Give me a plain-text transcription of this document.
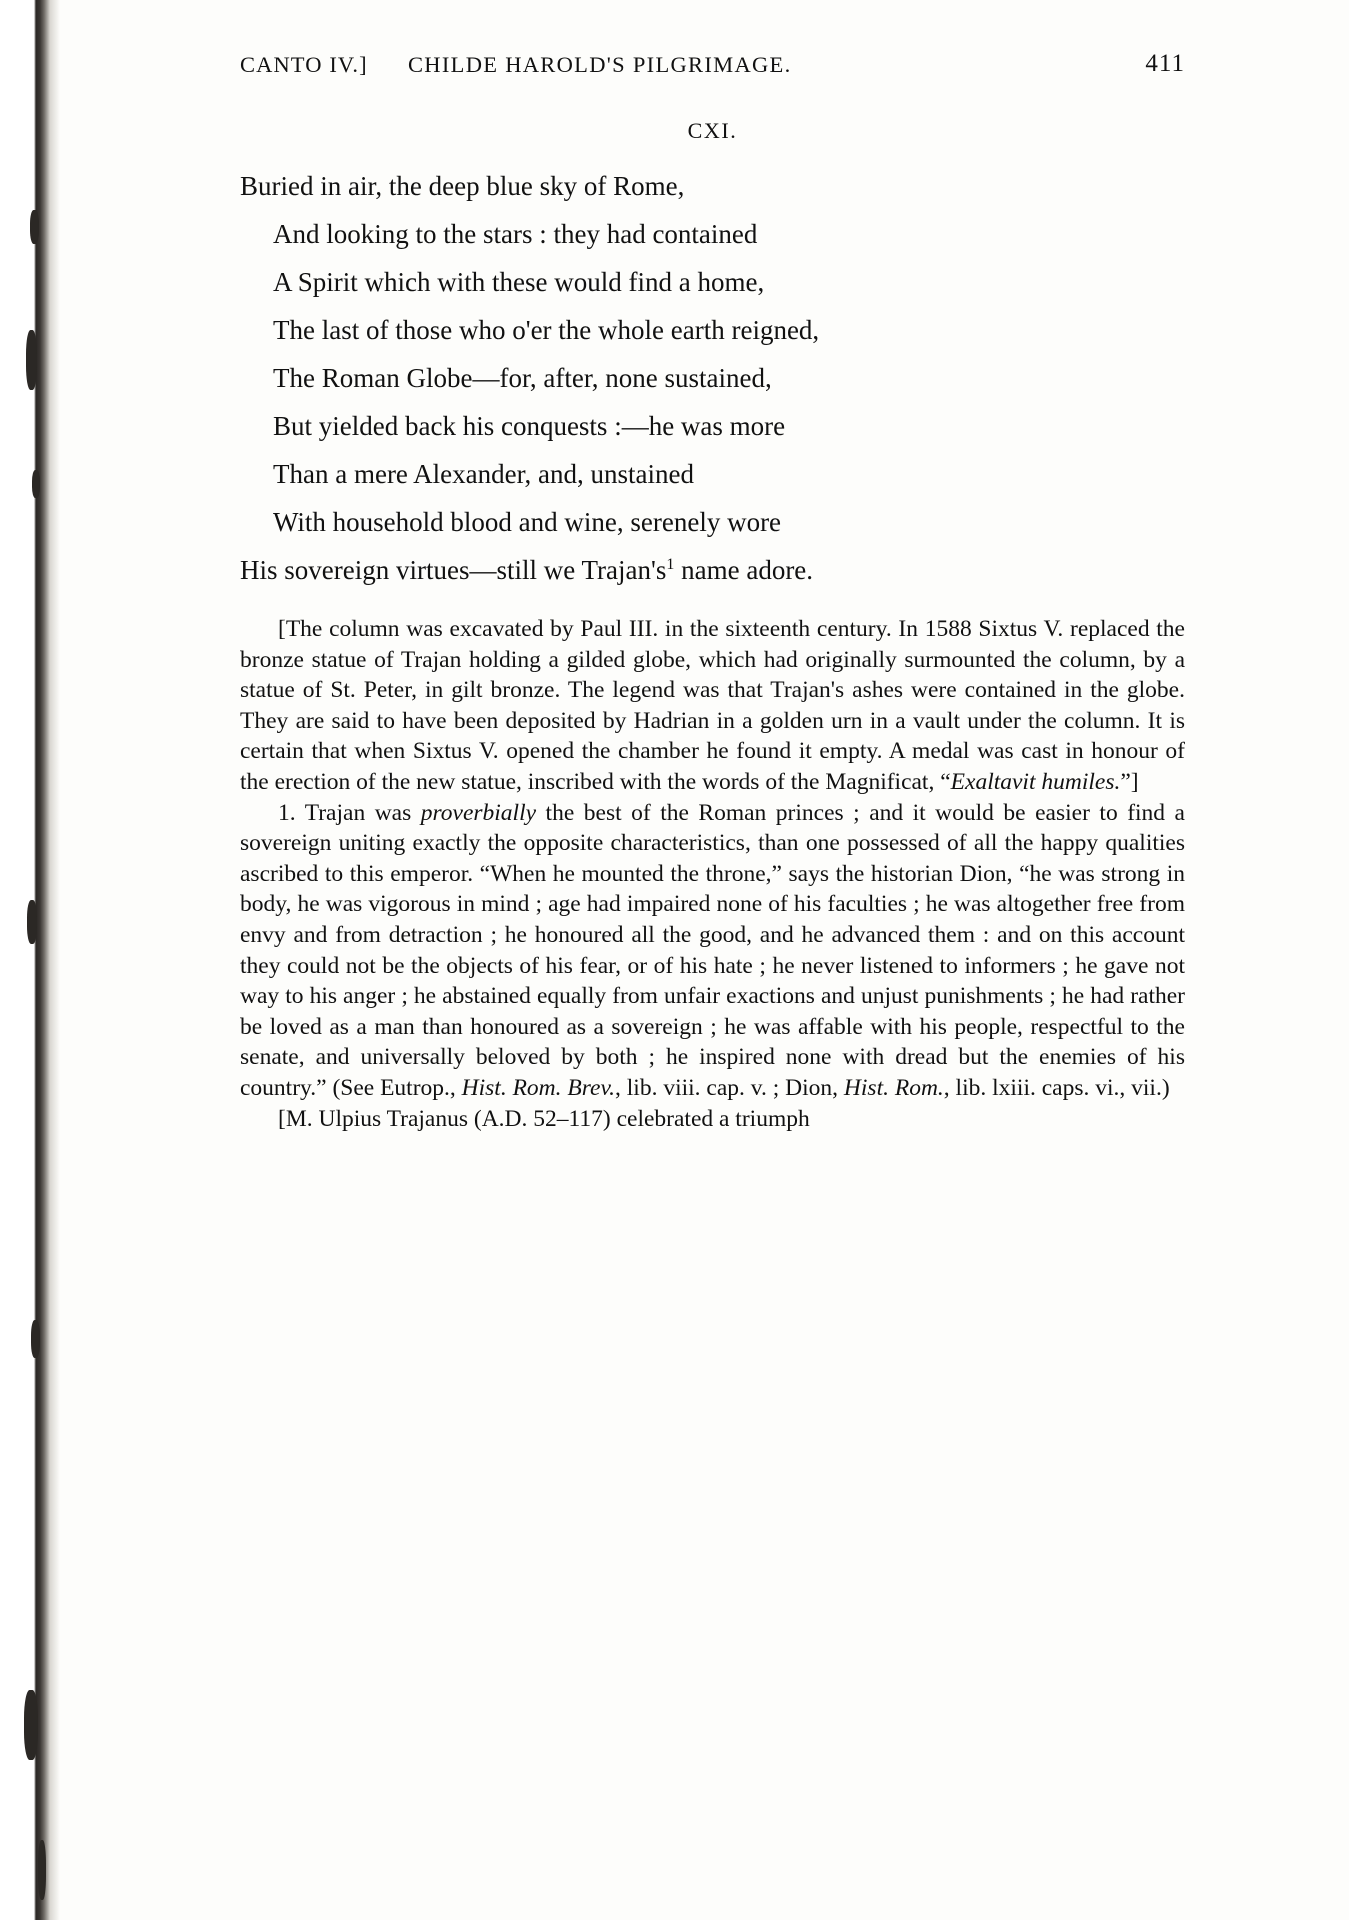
CANTO IV.] CHILDE HAROLD'S PILGRIMAGE.	411
CXI.
Buried in air, the deep blue sky of Rome,
And looking to the stars : they had contained
A Spirit which with these would find a home,
The last of those who o'er the whole earth reigned,
The Roman Globe—for, after, none sustained,
But yielded back his conquests :—he was more
Than a mere Alexander, and, unstained
With household blood and wine, serenely wore
His sovereign virtues—still we $Trajan's^1$ name adore.

[The column was excavated by Paul III. in the sixteenth century. In 1588 Sixtus V. replaced the bronze statue of Trajan holding a gilded globe, which had originally surmounted the column, by a statue of St. Peter, in gilt bronze. The legend was that Trajan's ashes were contained in the globe. They are said to have been deposited by Hadrian in a golden urn in a vault under the column. It is certain that when Sixtus V. opened the chamber he found it empty. A medal was cast in honour of the erection of the new statue, inscribed with the words of the Magnificat, “Exaltavit humiles.”]

1. Trajan was proverbially the best of the Roman princes ; and it would be easier to find a sovereign uniting exactly the opposite characteristics, than one possessed of all the happy qualities ascribed to this emperor. “When he mounted the throne,” says the historian Dion, “he was strong in body, he was vigorous in mind ; age had impaired none of his faculties ; he was altogether free from envy and from detraction ; he honoured all the good, and he advanced them : and on this account they could not be the objects of his fear, or of his hate ; he never listened to informers ; he gave not way to his anger ; he abstained equally from unfair exactions and unjust punishments ; he had rather be loved as a man than honoured as a sovereign ; he was affable with his people, respectful to the senate, and universally beloved by both ; he inspired none with dread but the enemies of his country.” (See Eutrop., Hist. Rom. Brev., lib. viii. cap. v. ; Dion, Hist. Rom., lib. lxiii. caps. vi., vii.)

[M. Ulpius Trajanus (A.D. 52–117) celebrated a triumph
